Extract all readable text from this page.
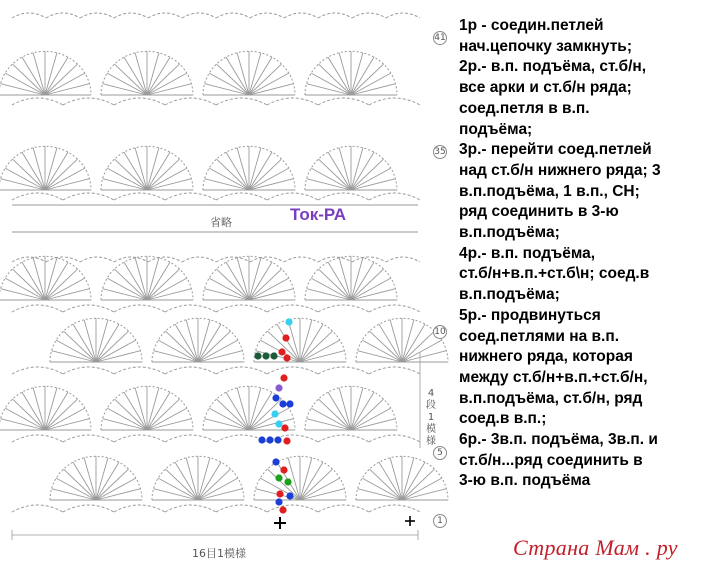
41
35
10
5
1
省略
16目1模様
4段1模様
Ток-РА
1р - соедин.петлей
нач.цепочку замкнуть;
2р.- в.п. подъёма, ст.б/н,
все арки и ст.б/н ряда;
соед.петля в в.п.
подъёма;
3р.- перейти соед.петлей
над ст.б/н нижнего ряда; 3
в.п.подъёма, 1 в.п., СН;
ряд соединить в 3-ю
в.п.подъёма;
4р.- в.п. подъёма,
ст.б/н+в.п.+ст.б\н; соед.в
в.п.подъёма;
5р.- продвинуться
соед.петлями на в.п.
нижнего ряда, которая
между ст.б/н+в.п.+ст.б/н,
в.п.подъёма, ст.б/н, ряд
соед.в в.п.;
6р.- 3в.п. подъёма, 3в.п. и
ст.б/н...ряд соединить в
3-ю в.п. подъёма
Страна Мам . ру
